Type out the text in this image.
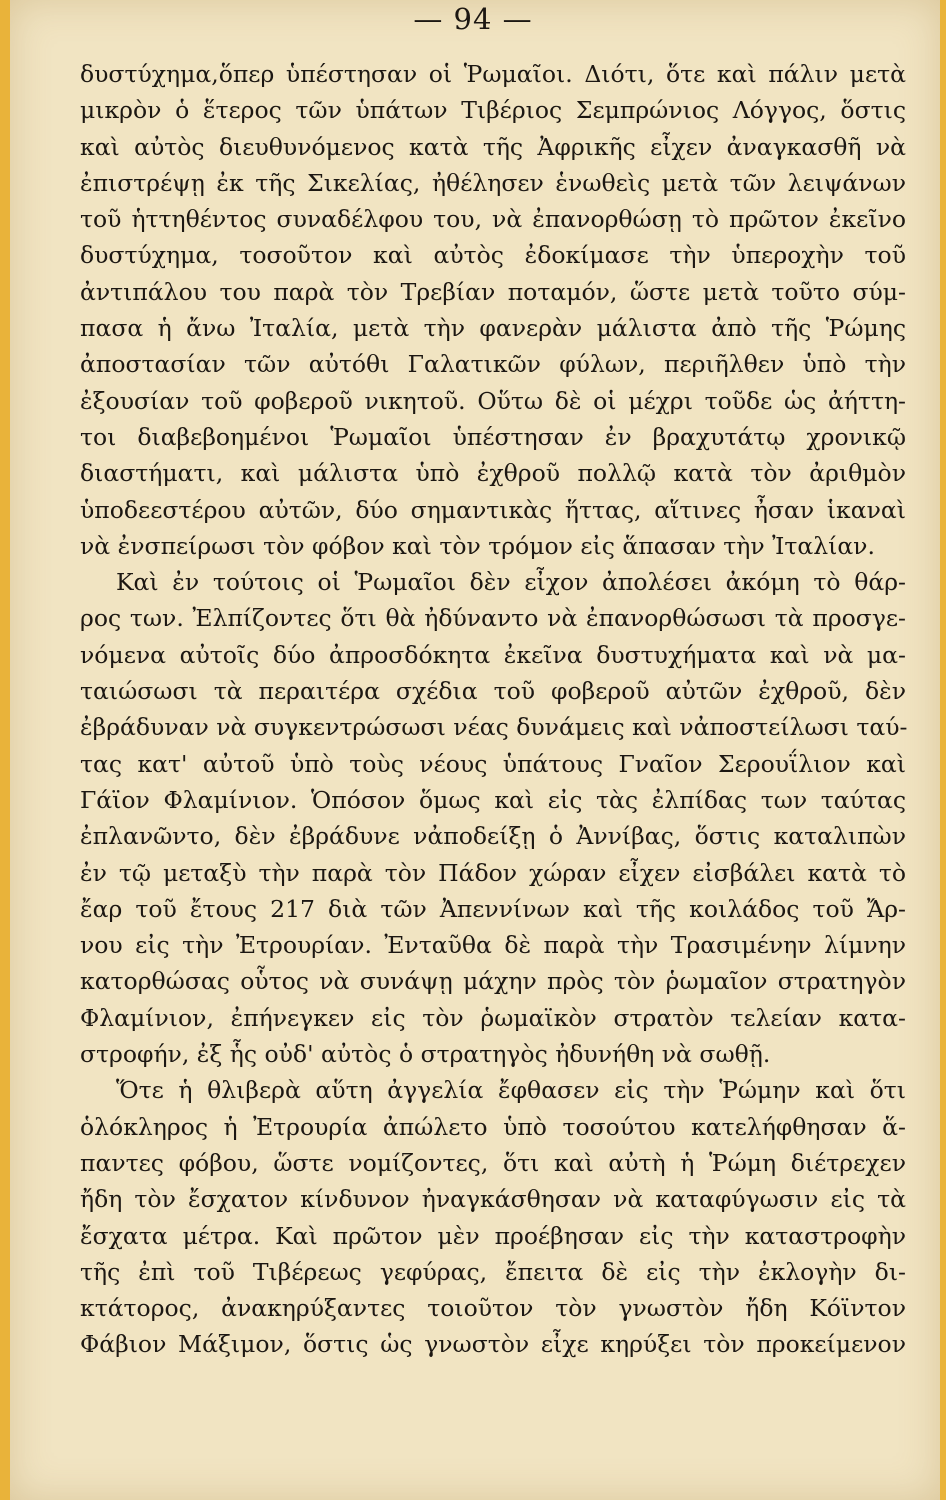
— 94 —
δυστύχημα,ὅπερ ὑπέστησαν οἱ Ῥωμαῖοι. Διότι, ὅτε καὶ πάλιν μετὰ
μικρὸν ὁ ἕτερος τῶν ὑπάτων Τιβέριος Σεμπρώνιος Λόγγος, ὅστις
καὶ αὐτὸς διευθυνόμενος κατὰ τῆς Ἀφρικῆς εἶχεν ἀναγκασθῆ νὰ
ἐπιστρέψῃ ἐκ τῆς Σικελίας, ἠθέλησεν ἑνωθεὶς μετὰ τῶν λειψάνων
τοῦ ἡττηθέντος συναδέλφου του, νὰ ἐπανορθώσῃ τὸ πρῶτον ἐκεῖνο
δυστύχημα, τοσοῦτον καὶ αὐτὸς ἐδοκίμασε τὴν ὑπεροχὴν τοῦ
ἀντιπάλου του παρὰ τὸν Τρεβίαν ποταμόν, ὥστε μετὰ τοῦτο σύμ-
πασα ἡ ἄνω Ἰταλία, μετὰ τὴν φανερὰν μάλιστα ἀπὸ τῆς Ῥώμης
ἀποστασίαν τῶν αὐτόθι Γαλατικῶν φύλων, περιῆλθεν ὑπὸ τὴν
ἐξουσίαν τοῦ φοβεροῦ νικητοῦ. Οὕτω δὲ οἱ μέχρι τοῦδε ὡς ἀήττη-
τοι διαβεβοημένοι Ῥωμαῖοι ὑπέστησαν ἐν βραχυτάτῳ χρονικῷ
διαστήματι, καὶ μάλιστα ὑπὸ ἐχθροῦ πολλῷ κατὰ τὸν ἀριθμὸν
ὑποδεεστέρου αὐτῶν, δύο σημαντικὰς ἥττας, αἵτινες ἦσαν ἱκαναὶ
νὰ ἐνσπείρωσι τὸν φόβον καὶ τὸν τρόμον εἰς ἅπασαν τὴν Ἰταλίαν.
Καὶ ἐν τούτοις οἱ Ῥωμαῖοι δὲν εἶχον ἀπολέσει ἀκόμη τὸ θάρ-
ρος των. Ἐλπίζοντες ὅτι θὰ ἠδύναντο νὰ ἐπανορθώσωσι τὰ προσγε-
νόμενα αὐτοῖς δύο ἀπροσδόκητα ἐκεῖνα δυστυχήματα καὶ νὰ μα-
ταιώσωσι τὰ περαιτέρα σχέδια τοῦ φοβεροῦ αὐτῶν ἐχθροῦ, δὲν
ἐβράδυναν νὰ συγκεντρώσωσι νέας δυνάμεις καὶ νἀποστείλωσι ταύ-
τας κατ' αὐτοῦ ὑπὸ τοὺς νέους ὑπάτους Γναῖον Σερουΐλιον καὶ
Γάϊον Φλαμίνιον. Ὁπόσον ὅμως καὶ εἰς τὰς ἐλπίδας των ταύτας
ἐπλανῶντο, δὲν ἐβράδυνε νἀποδείξῃ ὁ Ἀννίβας, ὅστις καταλιπὼν
ἐν τῷ μεταξὺ τὴν παρὰ τὸν Πάδον χώραν εἶχεν εἰσβάλει κατὰ τὸ
ἔαρ τοῦ ἔτους 217 διὰ τῶν Ἀπεννίνων καὶ τῆς κοιλάδος τοῦ Ἄρ-
νου εἰς τὴν Ἐτρουρίαν. Ἐνταῦθα δὲ παρὰ τὴν Τρασιμένην λίμνην
κατορθώσας οὗτος νὰ συνάψῃ μάχην πρὸς τὸν ῥωμαῖον στρατηγὸν
Φλαμίνιον, ἐπήνεγκεν εἰς τὸν ῥωμαϊκὸν στρατὸν τελείαν κατα-
στροφήν, ἐξ ἧς οὐδ' αὐτὸς ὁ στρατηγὸς ἠδυνήθη νὰ σωθῇ.
Ὅτε ἡ θλιβερὰ αὕτη ἀγγελία ἔφθασεν εἰς τὴν Ῥώμην καὶ ὅτι
ὁλόκληρος ἡ Ἐτρουρία ἀπώλετο ὑπὸ τοσούτου κατελήφθησαν ἅ-
παντες φόβου, ὥστε νομίζοντες, ὅτι καὶ αὐτὴ ἡ Ῥώμη διέτρεχεν
ἤδη τὸν ἔσχατον κίνδυνον ἠναγκάσθησαν νὰ καταφύγωσιν εἰς τὰ
ἔσχατα μέτρα. Καὶ πρῶτον μὲν προέβησαν εἰς τὴν καταστροφὴν
τῆς ἐπὶ τοῦ Τιβέρεως γεφύρας, ἔπειτα δὲ εἰς τὴν ἐκλογὴν δι-
κτάτορος, ἀνακηρύξαντες τοιοῦτον τὸν γνωστὸν ἤδη Κόϊντον
Φάβιον Μάξιμον, ὅστις ὡς γνωστὸν εἶχε κηρύξει τὸν προκείμενον
